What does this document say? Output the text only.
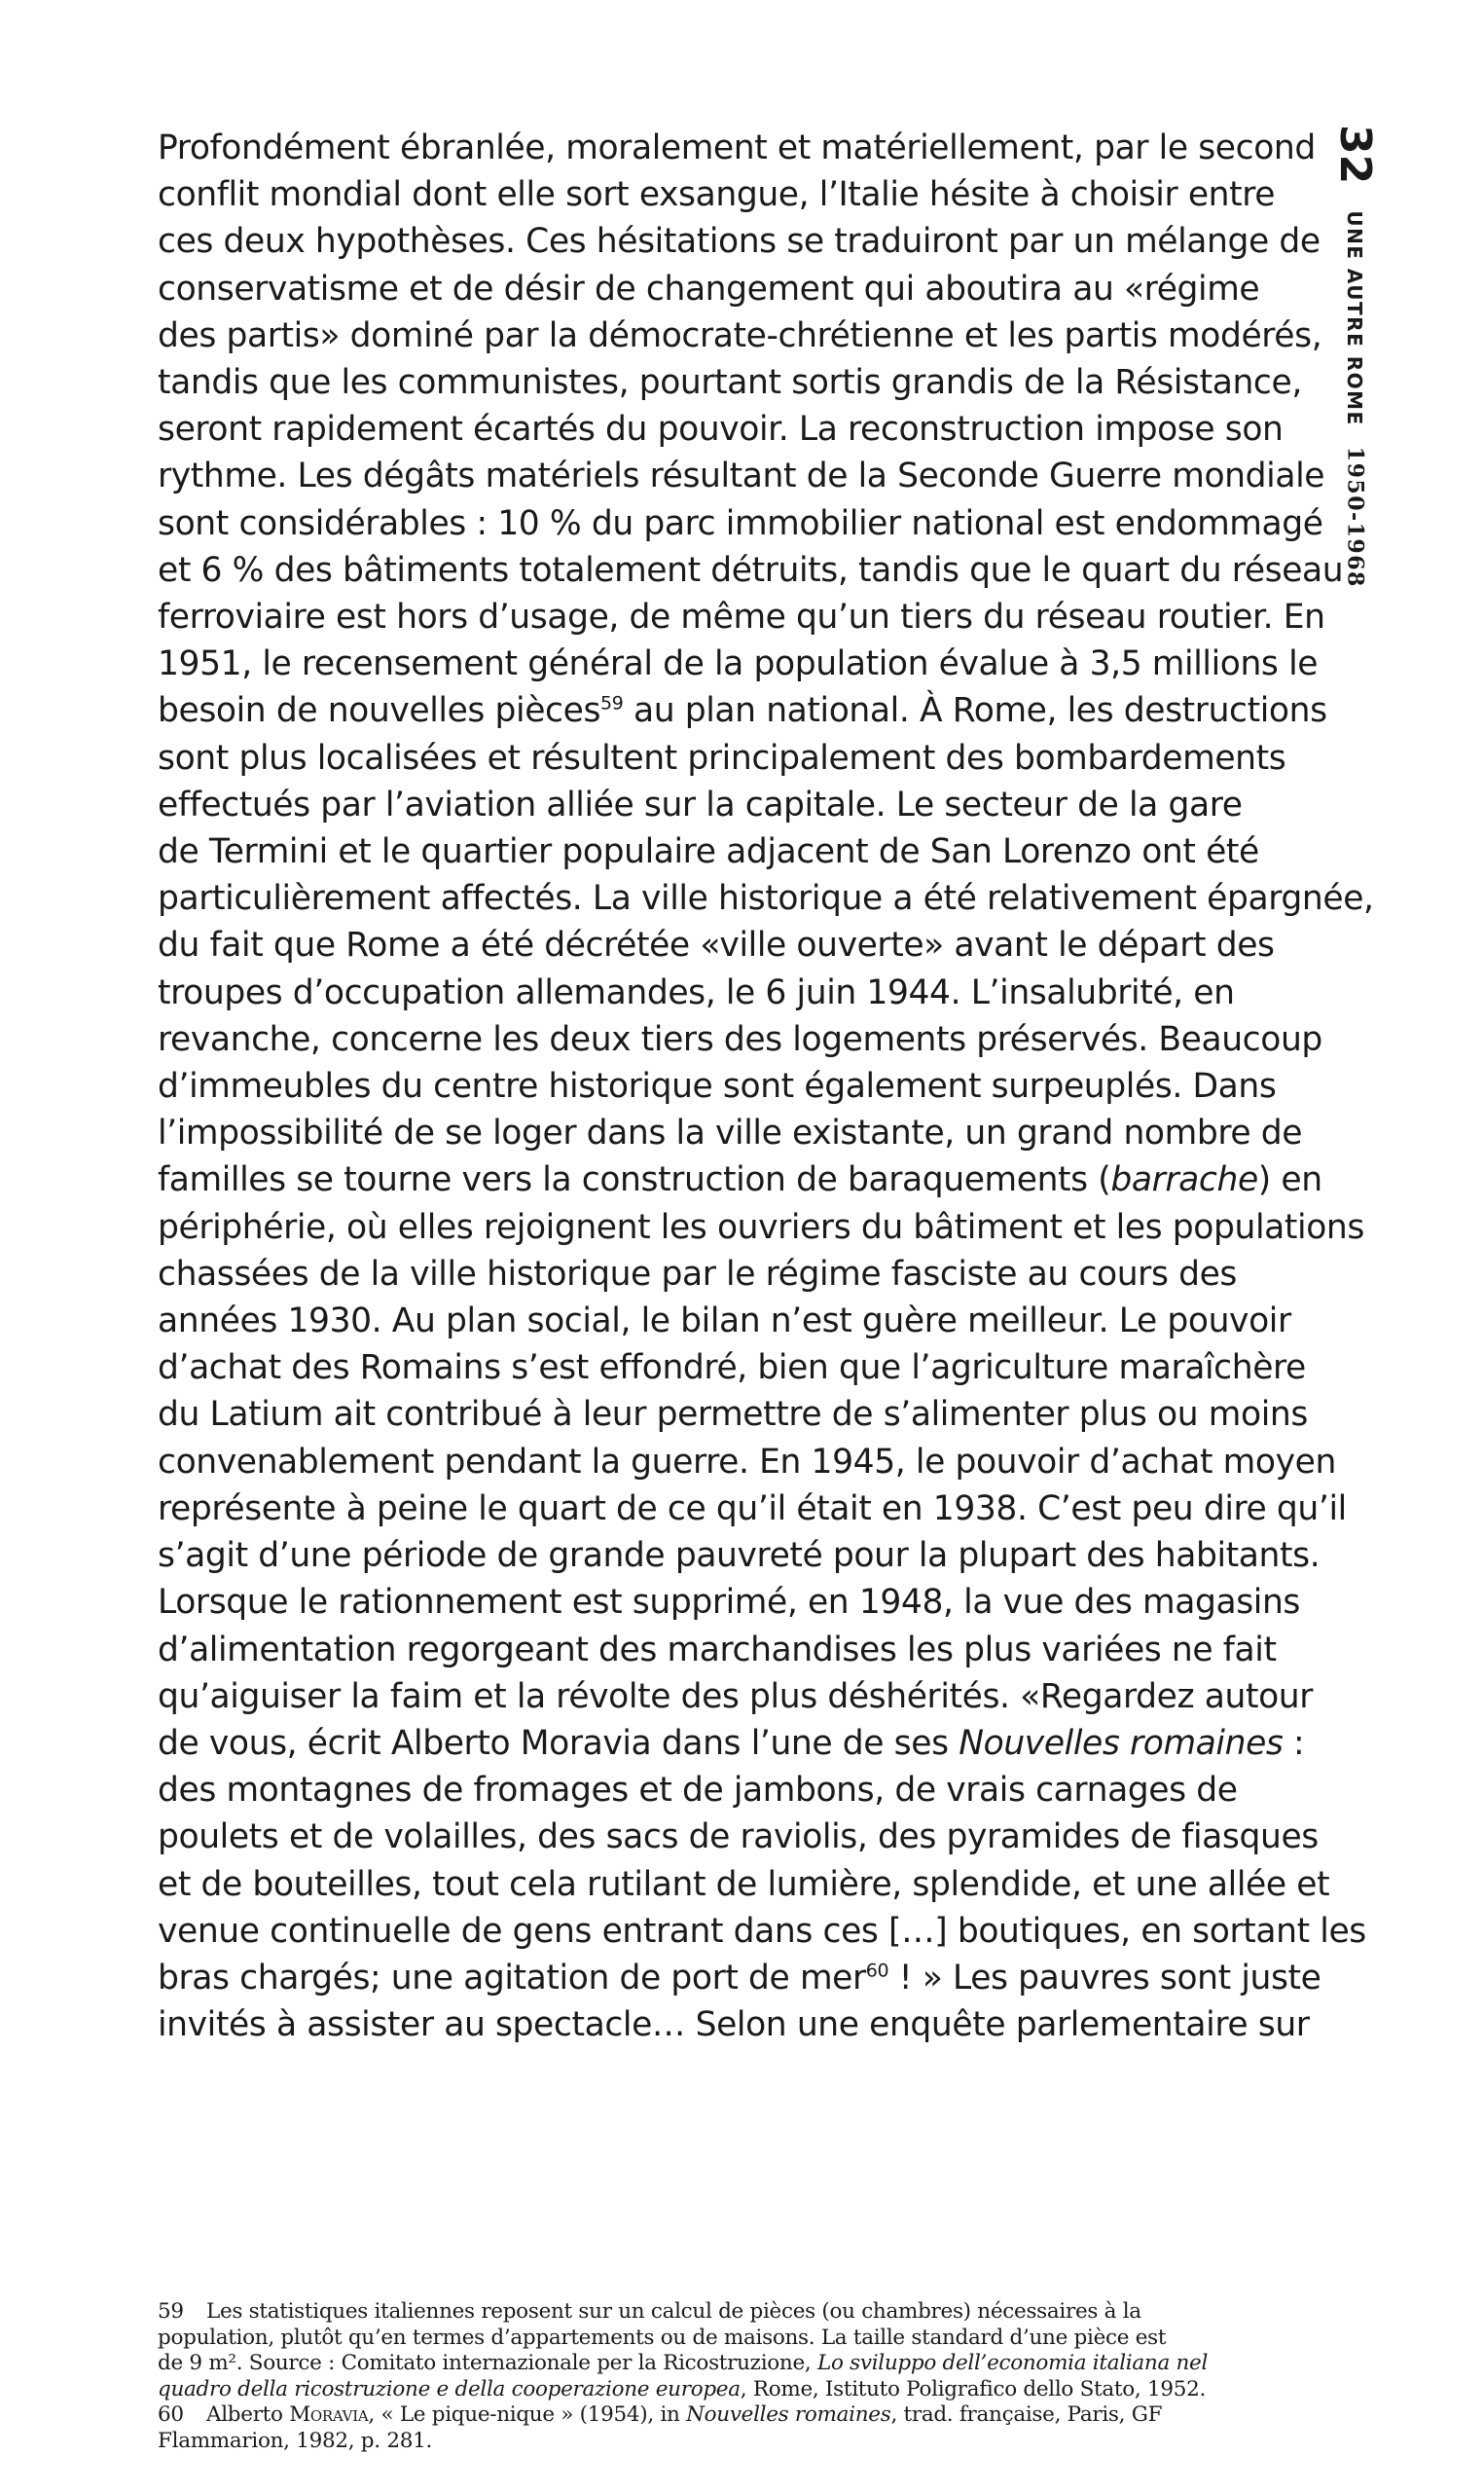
32 UNE AUTRE ROME 1950-1968
Profondément ébranlée, moralement et matériellement, par le second
conflit mondial dont elle sort exsangue, l’Italie hésite à choisir entre
ces deux hypothèses. Ces hésitations se traduiront par un mélange de
conservatisme et de désir de changement qui aboutira au «régime
des partis» dominé par la démocrate-chrétienne et les partis modérés,
tandis que les communistes, pourtant sortis grandis de la Résistance,
seront rapidement écartés du pouvoir. La reconstruction impose son
rythme. Les dégâts matériels résultant de la Seconde Guerre mondiale
sont considérables : 10 % du parc immobilier national est endommagé
et 6 % des bâtiments totalement détruits, tandis que le quart du réseau
ferroviaire est hors d’usage, de même qu’un tiers du réseau routier. En
1951, le recensement général de la population évalue à 3,5 millions le
besoin de nouvelles pièces$^{59}$ au plan national. À Rome, les destructions
sont plus localisées et résultent principalement des bombardements
effectués par l’aviation alliée sur la capitale. Le secteur de la gare
de Termini et le quartier populaire adjacent de San Lorenzo ont été
particulièrement affectés. La ville historique a été relativement épargnée,
du fait que Rome a été décrétée «ville ouverte» avant le départ des
troupes d’occupation allemandes, le 6 juin 1944. L’insalubrité, en
revanche, concerne les deux tiers des logements préservés. Beaucoup
d’immeubles du centre historique sont également surpeuplés. Dans
l’impossibilité de se loger dans la ville existante, un grand nombre de
familles se tourne vers la construction de baraquements (barrache) en
périphérie, où elles rejoignent les ouvriers du bâtiment et les populations
chassées de la ville historique par le régime fasciste au cours des
années 1930. Au plan social, le bilan n’est guère meilleur. Le pouvoir
d’achat des Romains s’est effondré, bien que l’agriculture maraîchère
du Latium ait contribué à leur permettre de s’alimenter plus ou moins
convenablement pendant la guerre. En 1945, le pouvoir d’achat moyen
représente à peine le quart de ce qu’il était en 1938. C’est peu dire qu’il
s’agit d’une période de grande pauvreté pour la plupart des habitants.
Lorsque le rationnement est supprimé, en 1948, la vue des magasins
d’alimentation regorgeant des marchandises les plus variées ne fait
qu’aiguiser la faim et la révolte des plus déshérités. «Regardez autour
de vous, écrit Alberto Moravia dans l’une de ses Nouvelles romaines :
des montagnes de fromages et de jambons, de vrais carnages de
poulets et de volailles, des sacs de raviolis, des pyramides de fiasques
et de bouteilles, tout cela rutilant de lumière, splendide, et une allée et
venue continuelle de gens entrant dans ces […] boutiques, en sortant les
bras chargés; une agitation de port de mer$^{60}$ ! » Les pauvres sont juste
invités à assister au spectacle… Selon une enquête parlementaire sur
59 Les statistiques italiennes reposent sur un calcul de pièces (ou chambres) nécessaires à la
population, plutôt qu’en termes d’appartements ou de maisons. La taille standard d’une pièce est
de 9 m². Source : Comitato internazionale per la Ricostruzione, Lo sviluppo dell’economia italiana nel
quadro della ricostruzione e della cooperazione europea, Rome, Istituto Poligrafico dello Stato, 1952.
60 Alberto Moravia, « Le pique-nique » (1954), in Nouvelles romaines, trad. française, Paris, GF
Flammarion, 1982, p. 281.
